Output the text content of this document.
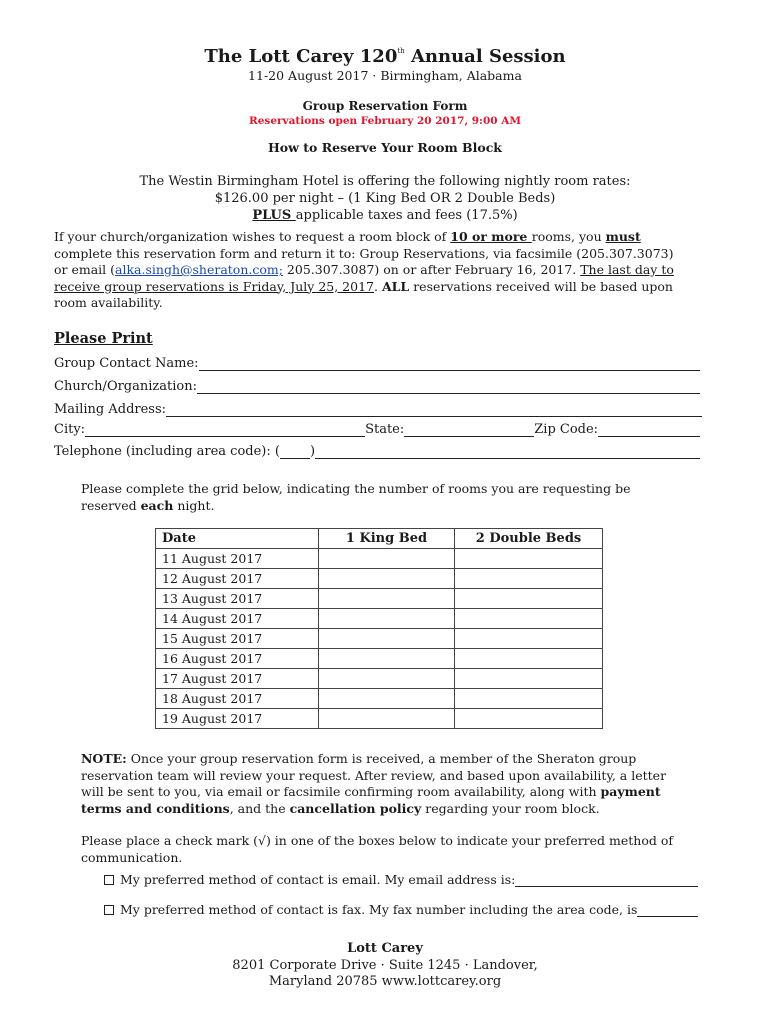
The Lott Carey 120th Annual Session
11-20 August 2017 · Birmingham, Alabama
Group Reservation Form
Reservations open February 20 2017, 9:00 AM
How to Reserve Your Room Block
The Westin Birmingham Hotel is offering the following nightly room rates:
$126.00 per night – (1 King Bed OR 2 Double Beds)
PLUS applicable taxes and fees (17.5%)
If your church/organization wishes to request a room block of 10 or more rooms, you must complete this reservation form and return it to: Group Reservations, via facsimile (205.307.3073) or email (alka.singh@sheraton.com; 205.307.3087) on or after February 16, 2017. The last day to receive group reservations is Friday, July 25, 2017. ALL reservations received will be based upon room availability.
Please Print
Group Contact Name:
Church/Organization:
Mailing Address:
City:	State:	Zip Code:
Telephone (including area code): ( )
Please complete the grid below, indicating the number of rooms you are requesting be reserved each night.
Date	1 King Bed	2 Double Beds
11 August 2017		
12 August 2017		
13 August 2017		
14 August 2017		
15 August 2017		
16 August 2017		
17 August 2017		
18 August 2017		
19 August 2017		
NOTE: Once your group reservation form is received, a member of the Sheraton group reservation team will review your request. After review, and based upon availability, a letter will be sent to you, via email or facsimile confirming room availability, along with payment terms and conditions, and the cancellation policy regarding your room block.
Please place a check mark (√) in one of the boxes below to indicate your preferred method of communication.
My preferred method of contact is email. My email address is:
My preferred method of contact is fax. My fax number including the area code, is
Lott Carey
8201 Corporate Drive · Suite 1245 · Landover,
Maryland 20785 www.lottcarey.org
